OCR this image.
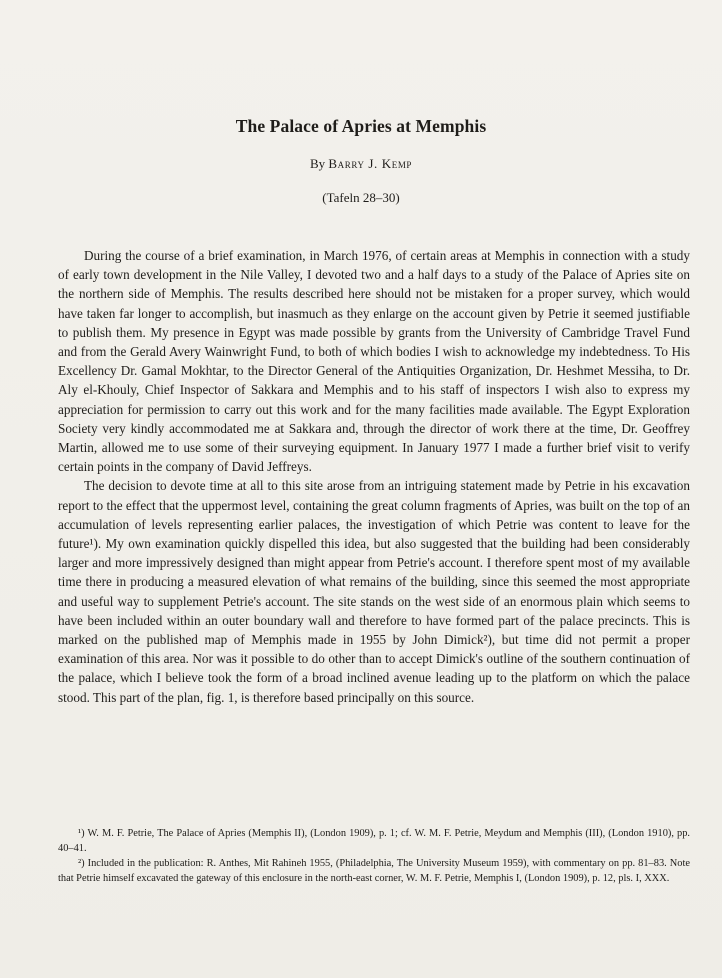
The Palace of Apries at Memphis
By Barry J. Kemp
(Tafeln 28–30)

During the course of a brief examination, in March 1976, of certain areas at Memphis in connection with a study of early town development in the Nile Valley, I devoted two and a half days to a study of the Palace of Apries site on the northern side of Memphis. The results described here should not be mistaken for a proper survey, which would have taken far longer to accomplish, but inasmuch as they enlarge on the account given by Petrie it seemed justifiable to publish them. My presence in Egypt was made possible by grants from the University of Cambridge Travel Fund and from the Gerald Avery Wainwright Fund, to both of which bodies I wish to acknowledge my indebtedness. To His Excellency Dr. Gamal Mokhtar, to the Director General of the Antiquities Organization, Dr. Heshmet Messiha, to Dr. Aly el-Khouly, Chief Inspector of Sakkara and Memphis and to his staff of inspectors I wish also to express my appreciation for permission to carry out this work and for the many facilities made available. The Egypt Exploration Society very kindly accommodated me at Sakkara and, through the director of work there at the time, Dr. Geoffrey Martin, allowed me to use some of their surveying equipment. In January 1977 I made a further brief visit to verify certain points in the company of David Jeffreys.

The decision to devote time at all to this site arose from an intriguing statement made by Petrie in his excavation report to the effect that the uppermost level, containing the great column fragments of Apries, was built on the top of an accumulation of levels representing earlier palaces, the investigation of which Petrie was content to leave for the future¹). My own examination quickly dispelled this idea, but also suggested that the building had been considerably larger and more impressively designed than might appear from Petrie's account. I therefore spent most of my available time there in producing a measured elevation of what remains of the building, since this seemed the most appropriate and useful way to supplement Petrie's account. The site stands on the west side of an enormous plain which seems to have been included within an outer boundary wall and therefore to have formed part of the palace precincts. This is marked on the published map of Memphis made in 1955 by John Dimick²), but time did not permit a proper examination of this area. Nor was it possible to do other than to accept Dimick's outline of the southern continuation of the palace, which I believe took the form of a broad inclined avenue leading up to the platform on which the palace stood. This part of the plan, fig. 1, is therefore based principally on this source.

¹) W. M. F. Petrie, The Palace of Apries (Memphis II), (London 1909), p. 1; cf. W. M. F. Petrie, Meydum and Memphis (III), (London 1910), pp. 40–41.

²) Included in the publication: R. Anthes, Mit Rahineh 1955, (Philadelphia, The University Museum 1959), with commentary on pp. 81–83. Note that Petrie himself excavated the gateway of this enclosure in the north-east corner, W. M. F. Petrie, Memphis I, (London 1909), p. 12, pls. I, XXX.
